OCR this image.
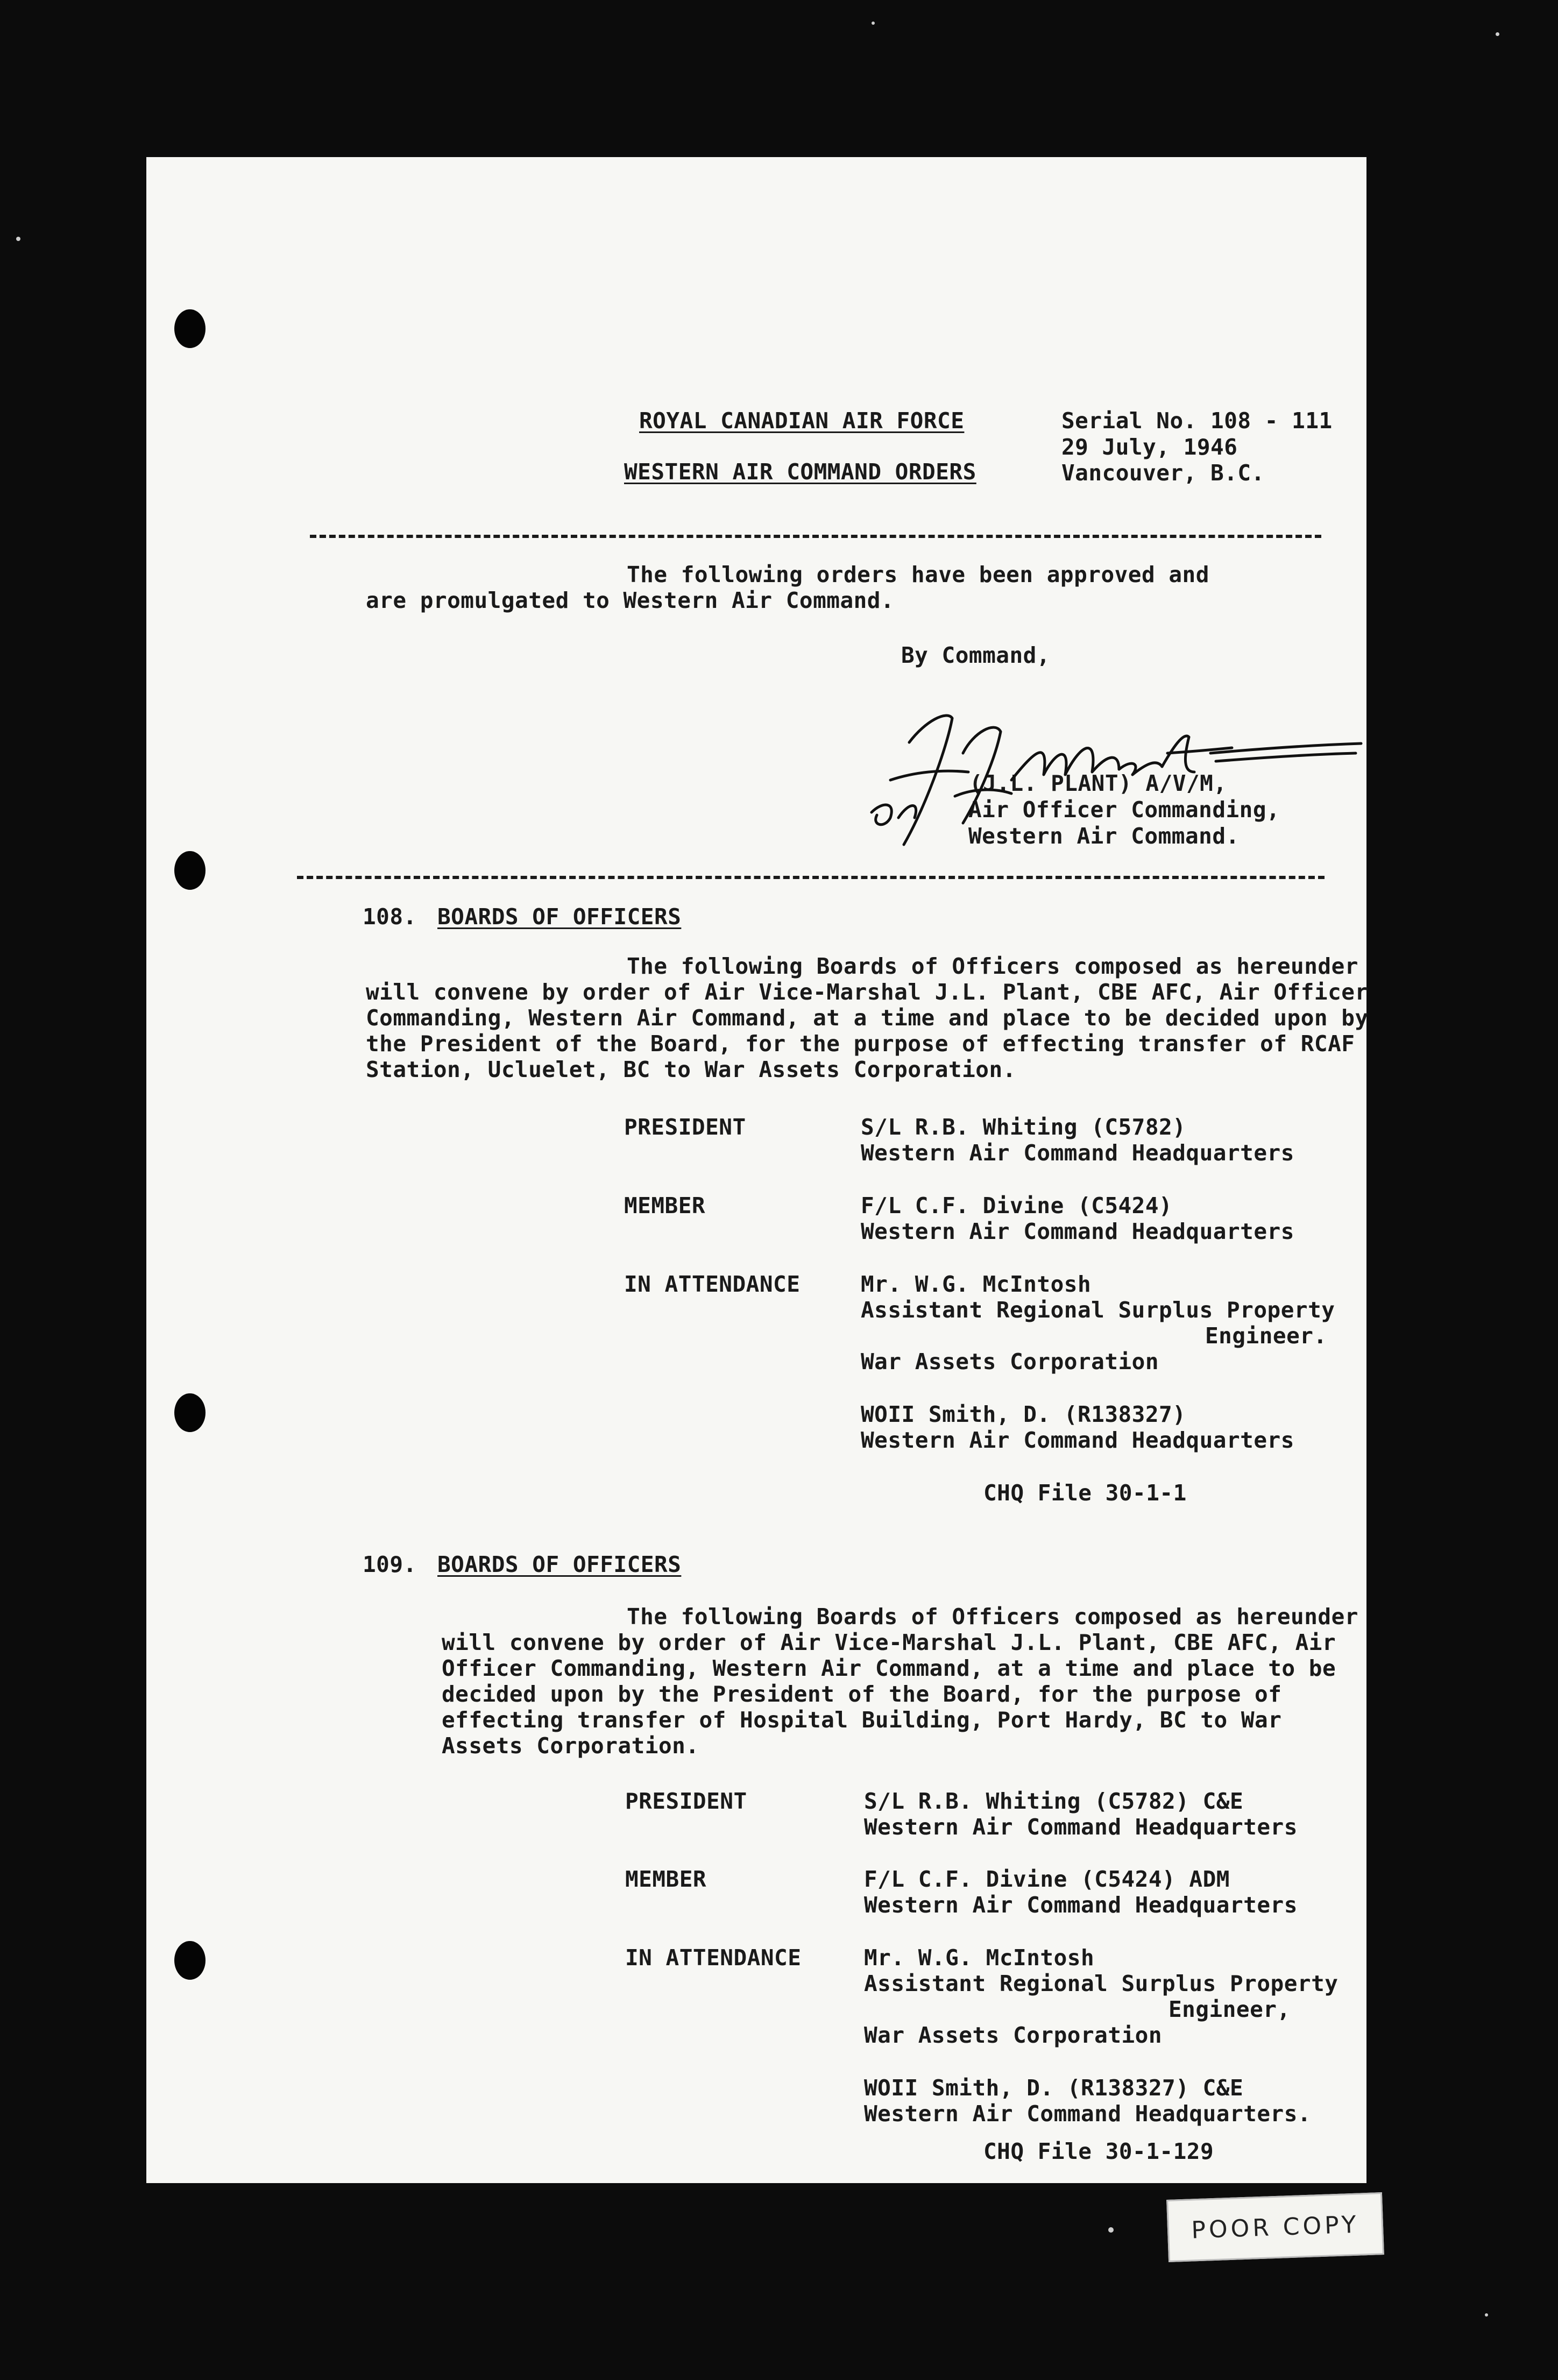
ROYAL CANADIAN AIR FORCE
WESTERN AIR COMMAND ORDERS
Serial No. 108 - 111
29 July, 1946
Vancouver, B.C.
The following orders have been approved and
are promulgated to Western Air Command.
By Command,
(J.L. PLANT) A/V/M,
Air Officer Commanding,
Western Air Command.
108. BOARDS OF OFFICERS
The following Boards of Officers composed as hereunder
will convene by order of Air Vice-Marshal J.L. Plant, CBE AFC, Air Officer
Commanding, Western Air Command, at a time and place to be decided upon by
the President of the Board, for the purpose of effecting transfer of RCAF
Station, Ucluelet, BC to War Assets Corporation.
PRESIDENT	S/L R.B. Whiting (C5782)
Western Air Command Headquarters
MEMBER	F/L C.F. Divine (C5424)
Western Air Command Headquarters
IN ATTENDANCE	Mr. W.G. McIntosh
Assistant Regional Surplus Property
Engineer.
War Assets Corporation
WOII Smith, D. (R138327)
Western Air Command Headquarters
CHQ File 30-1-1
109. BOARDS OF OFFICERS
The following Boards of Officers composed as hereunder
will convene by order of Air Vice-Marshal J.L. Plant, CBE AFC, Air
Officer Commanding, Western Air Command, at a time and place to be
decided upon by the President of the Board, for the purpose of
effecting transfer of Hospital Building, Port Hardy, BC to War
Assets Corporation.
PRESIDENT	S/L R.B. Whiting (C5782) C&E
Western Air Command Headquarters
MEMBER	F/L C.F. Divine (C5424) ADM
Western Air Command Headquarters
IN ATTENDANCE	Mr. W.G. McIntosh
Assistant Regional Surplus Property
Engineer,
War Assets Corporation
WOII Smith, D. (R138327) C&E
Western Air Command Headquarters.
CHQ File 30-1-129
POOR COPY
